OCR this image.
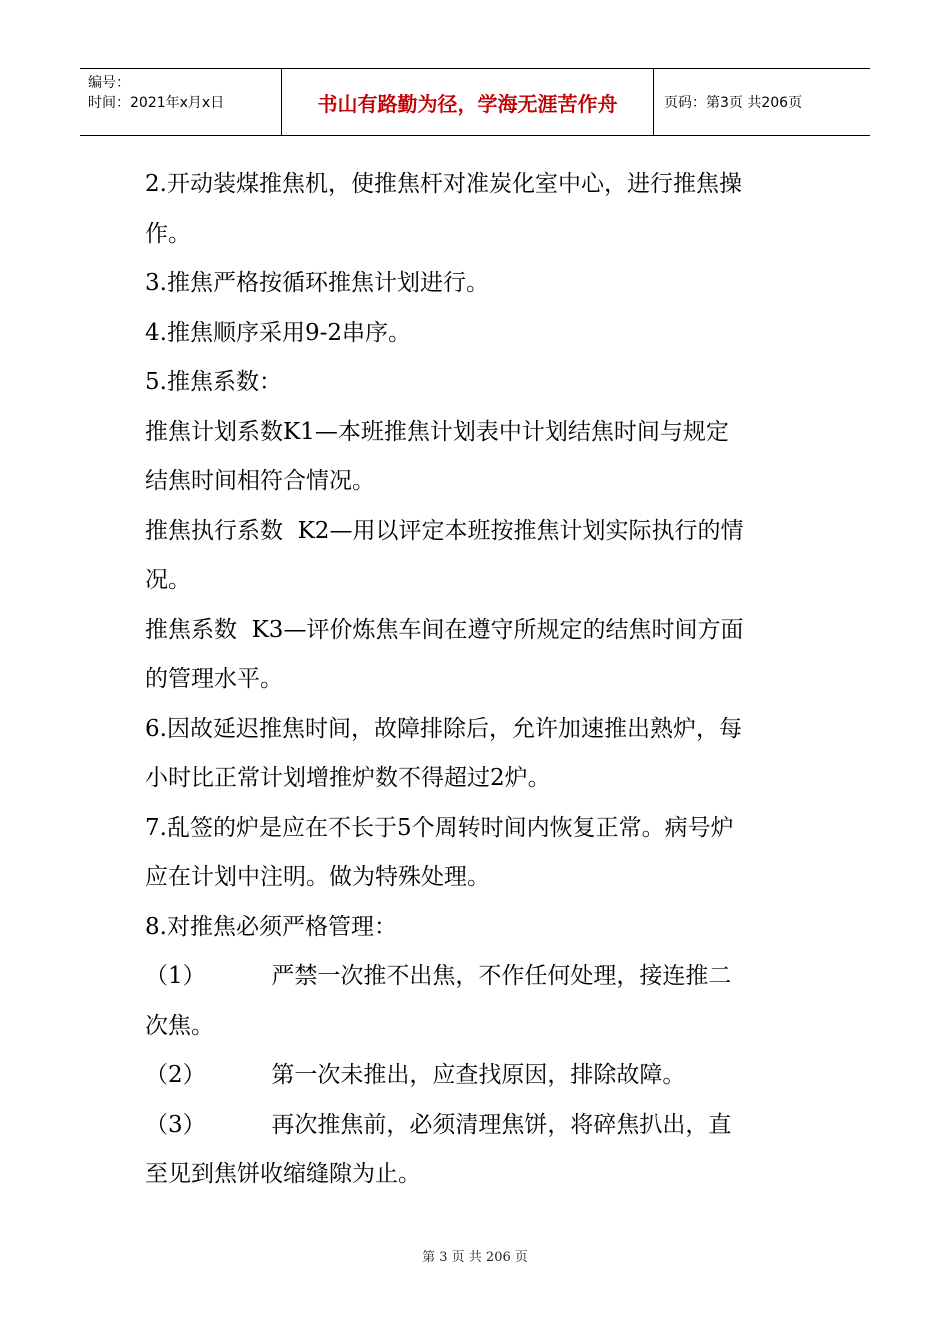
编号：
时间：2021年x月x日	书山有路勤为径，学海无涯苦作舟	页码：第3页 共206页

2.开动装煤推焦机，使推焦杆对准炭化室中心，进行推焦操

作。

3.推焦严格按循环推焦计划进行。

4.推焦顺序采用9-2串序。

5.推焦系数：

推焦计划系数K1—本班推焦计划表中计划结焦时间与规定

结焦时间相符合情况。

推焦执行系数  K2—用以评定本班按推焦计划实际执行的情

况。

推焦系数  K3—评价炼焦车间在遵守所规定的结焦时间方面

的管理水平。

6.因故延迟推焦时间，故障排除后，允许加速推出熟炉，每

小时比正常计划增推炉数不得超过2炉。

7.乱签的炉是应在不长于5个周转时间内恢复正常。病号炉

应在计划中注明。做为特殊处理。

8.对推焦必须严格管理：

（1）         严禁一次推不出焦，不作任何处理，接连推二

次焦。

（2）         第一次未推出，应查找原因，排除故障。

（3）         再次推焦前，必须清理焦饼，将碎焦扒出，直

至见到焦饼收缩缝隙为止。

第 3 页 共 206 页
